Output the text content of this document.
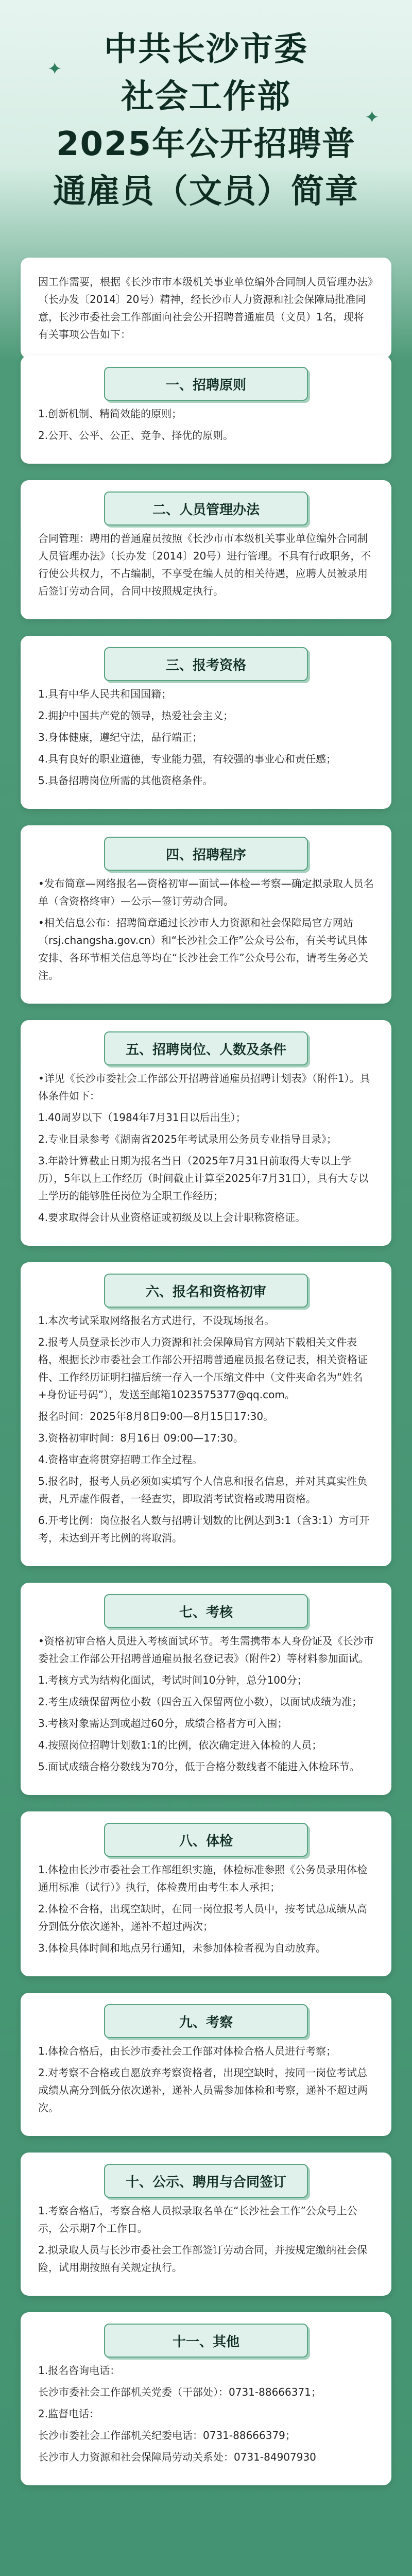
✦
✦
中共长沙市委
社会工作部
2025年公开招聘普
通雇员（文员）简章
因工作需要，根据《长沙市市本级机关事业单位编外合同制人员管理办法》（长办发〔2014〕20号）精神，经长沙市人力资源和社会保障局批准同意，长沙市委社会工作部面向社会公开招聘普通雇员（文员）1名，现将有关事项公告如下：
一、招聘原则

1.创新机制、精简效能的原则；

2.公开、公平、公正、竞争、择优的原则。

二、人员管理办法

合同管理：聘用的普通雇员按照《长沙市市本级机关事业单位编外合同制人员管理办法》（长办发〔2014〕20号）进行管理。不具有行政职务，不行使公共权力，不占编制，不享受在编人员的相关待遇，应聘人员被录用后签订劳动合同，合同中按照规定执行。

三、报考资格

1.具有中华人民共和国国籍；

2.拥护中国共产党的领导，热爱社会主义；

3.身体健康，遵纪守法，品行端正；

4.具有良好的职业道德，专业能力强，有较强的事业心和责任感；

5.具备招聘岗位所需的其他资格条件。

四、招聘程序

•发布简章—网络报名—资格初审—面试—体检—考察—确定拟录取人员名单（含资格终审）—公示—签订劳动合同。

•相关信息公布：招聘简章通过长沙市人力资源和社会保障局官方网站（rsj.changsha.gov.cn）和“长沙社会工作”公众号公布，有关考试具体安排、各环节相关信息等均在“长沙社会工作”公众号公布，请考生务必关注。

五、招聘岗位、人数及条件

•详见《长沙市委社会工作部公开招聘普通雇员招聘计划表》（附件1）。具体条件如下：

1.40周岁以下（1984年7月31日以后出生）；

2.专业目录参考《湖南省2025年考试录用公务员专业指导目录》；

3.年龄计算截止日期为报名当日（2025年7月31日前取得大专以上学历），5年以上工作经历（时间截止计算至2025年7月31日），具有大专以上学历的能够胜任岗位为全职工作经历；

4.要求取得会计从业资格证或初级及以上会计职称资格证。

六、报名和资格初审

1.本次考试采取网络报名方式进行，不设现场报名。

2.报考人员登录长沙市人力资源和社会保障局官方网站下载相关文件表格，根据长沙市委社会工作部公开招聘普通雇员报名登记表，相关资格证件、工作经历证明扫描后统一存入一个压缩文件中（文件夹命名为“姓名+身份证号码”），发送至邮箱1023575377@qq.com。

报名时间：2025年8月8日9:00—8月15日17:30。

3.资格初审时间：8月16日 09:00—17:30。

4.资格审查将贯穿招聘工作全过程。

5.报名时，报考人员必须如实填写个人信息和报名信息，并对其真实性负责，凡弄虚作假者，一经查实，即取消考试资格或聘用资格。

6.开考比例：岗位报名人数与招聘计划数的比例达到3:1（含3:1）方可开考，未达到开考比例的将取消。

七、考核

•资格初审合格人员进入考核面试环节。考生需携带本人身份证及《长沙市委社会工作部公开招聘普通雇员报名登记表》（附件2）等材料参加面试。

1.考核方式为结构化面试，考试时间10分钟，总分100分；

2.考生成绩保留两位小数（四舍五入保留两位小数），以面试成绩为准；

3.考核对象需达到或超过60分，成绩合格者方可入围；

4.按照岗位招聘计划数1:1的比例，依次确定进入体检的人员；

5.面试成绩合格分数线为70分，低于合格分数线者不能进入体检环节。

八、体检

1.体检由长沙市委社会工作部组织实施，体检标准参照《公务员录用体检通用标准（试行）》执行，体检费用由考生本人承担；

2.体检不合格，出现空缺时，在同一岗位报考人员中，按考试总成绩从高分到低分依次递补，递补不超过两次；

3.体检具体时间和地点另行通知，未参加体检者视为自动放弃。

九、考察

1.体检合格后，由长沙市委社会工作部对体检合格人员进行考察；

2.对考察不合格或自愿放弃考察资格者，出现空缺时，按同一岗位考试总成绩从高分到低分依次递补，递补人员需参加体检和考察，递补不超过两次。

十、公示、聘用与合同签订

1.考察合格后，考察合格人员拟录取名单在“长沙社会工作”公众号上公示，公示期7个工作日。

2.拟录取人员与长沙市委社会工作部签订劳动合同，并按规定缴纳社会保险，试用期按照有关规定执行。

十一、其他

1.报名咨询电话：

长沙市委社会工作部机关党委（干部处）：0731-88666371；

2.监督电话：

长沙市委社会工作部机关纪委电话：0731-88666379；

长沙市人力资源和社会保障局劳动关系处：0731-84907930
